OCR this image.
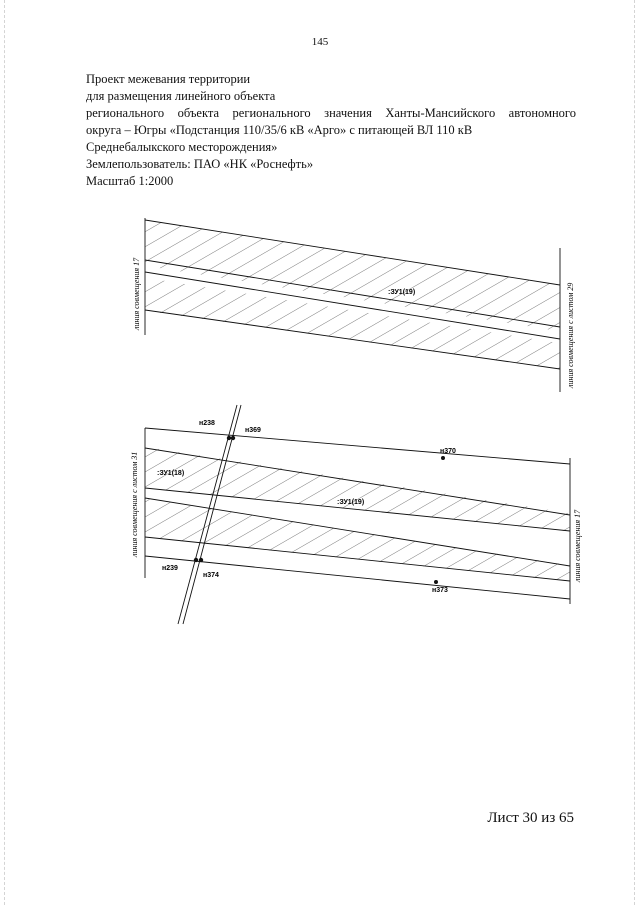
145
Проект межевания территории
для размещения линейного объекта
регионального объекта регионального значения Ханты-Мансийского автономного
округа – Югры «Подстанция 110/35/6 кВ «Арго» с питающей ВЛ 110 кВ
Среднебалыкского месторождения»
Землепользователь: ПАО «НК «Роснефть»
Масштаб 1:2000
линия совмещения 17	линия совмещения с листом 29
:ЗУ1(19)
н238
н369
н370
н239
н374
н373
:ЗУ1(18)
:ЗУ1(19)
линия совмещения с листом 31	линия совмещения 17
Лист 30 из 65
